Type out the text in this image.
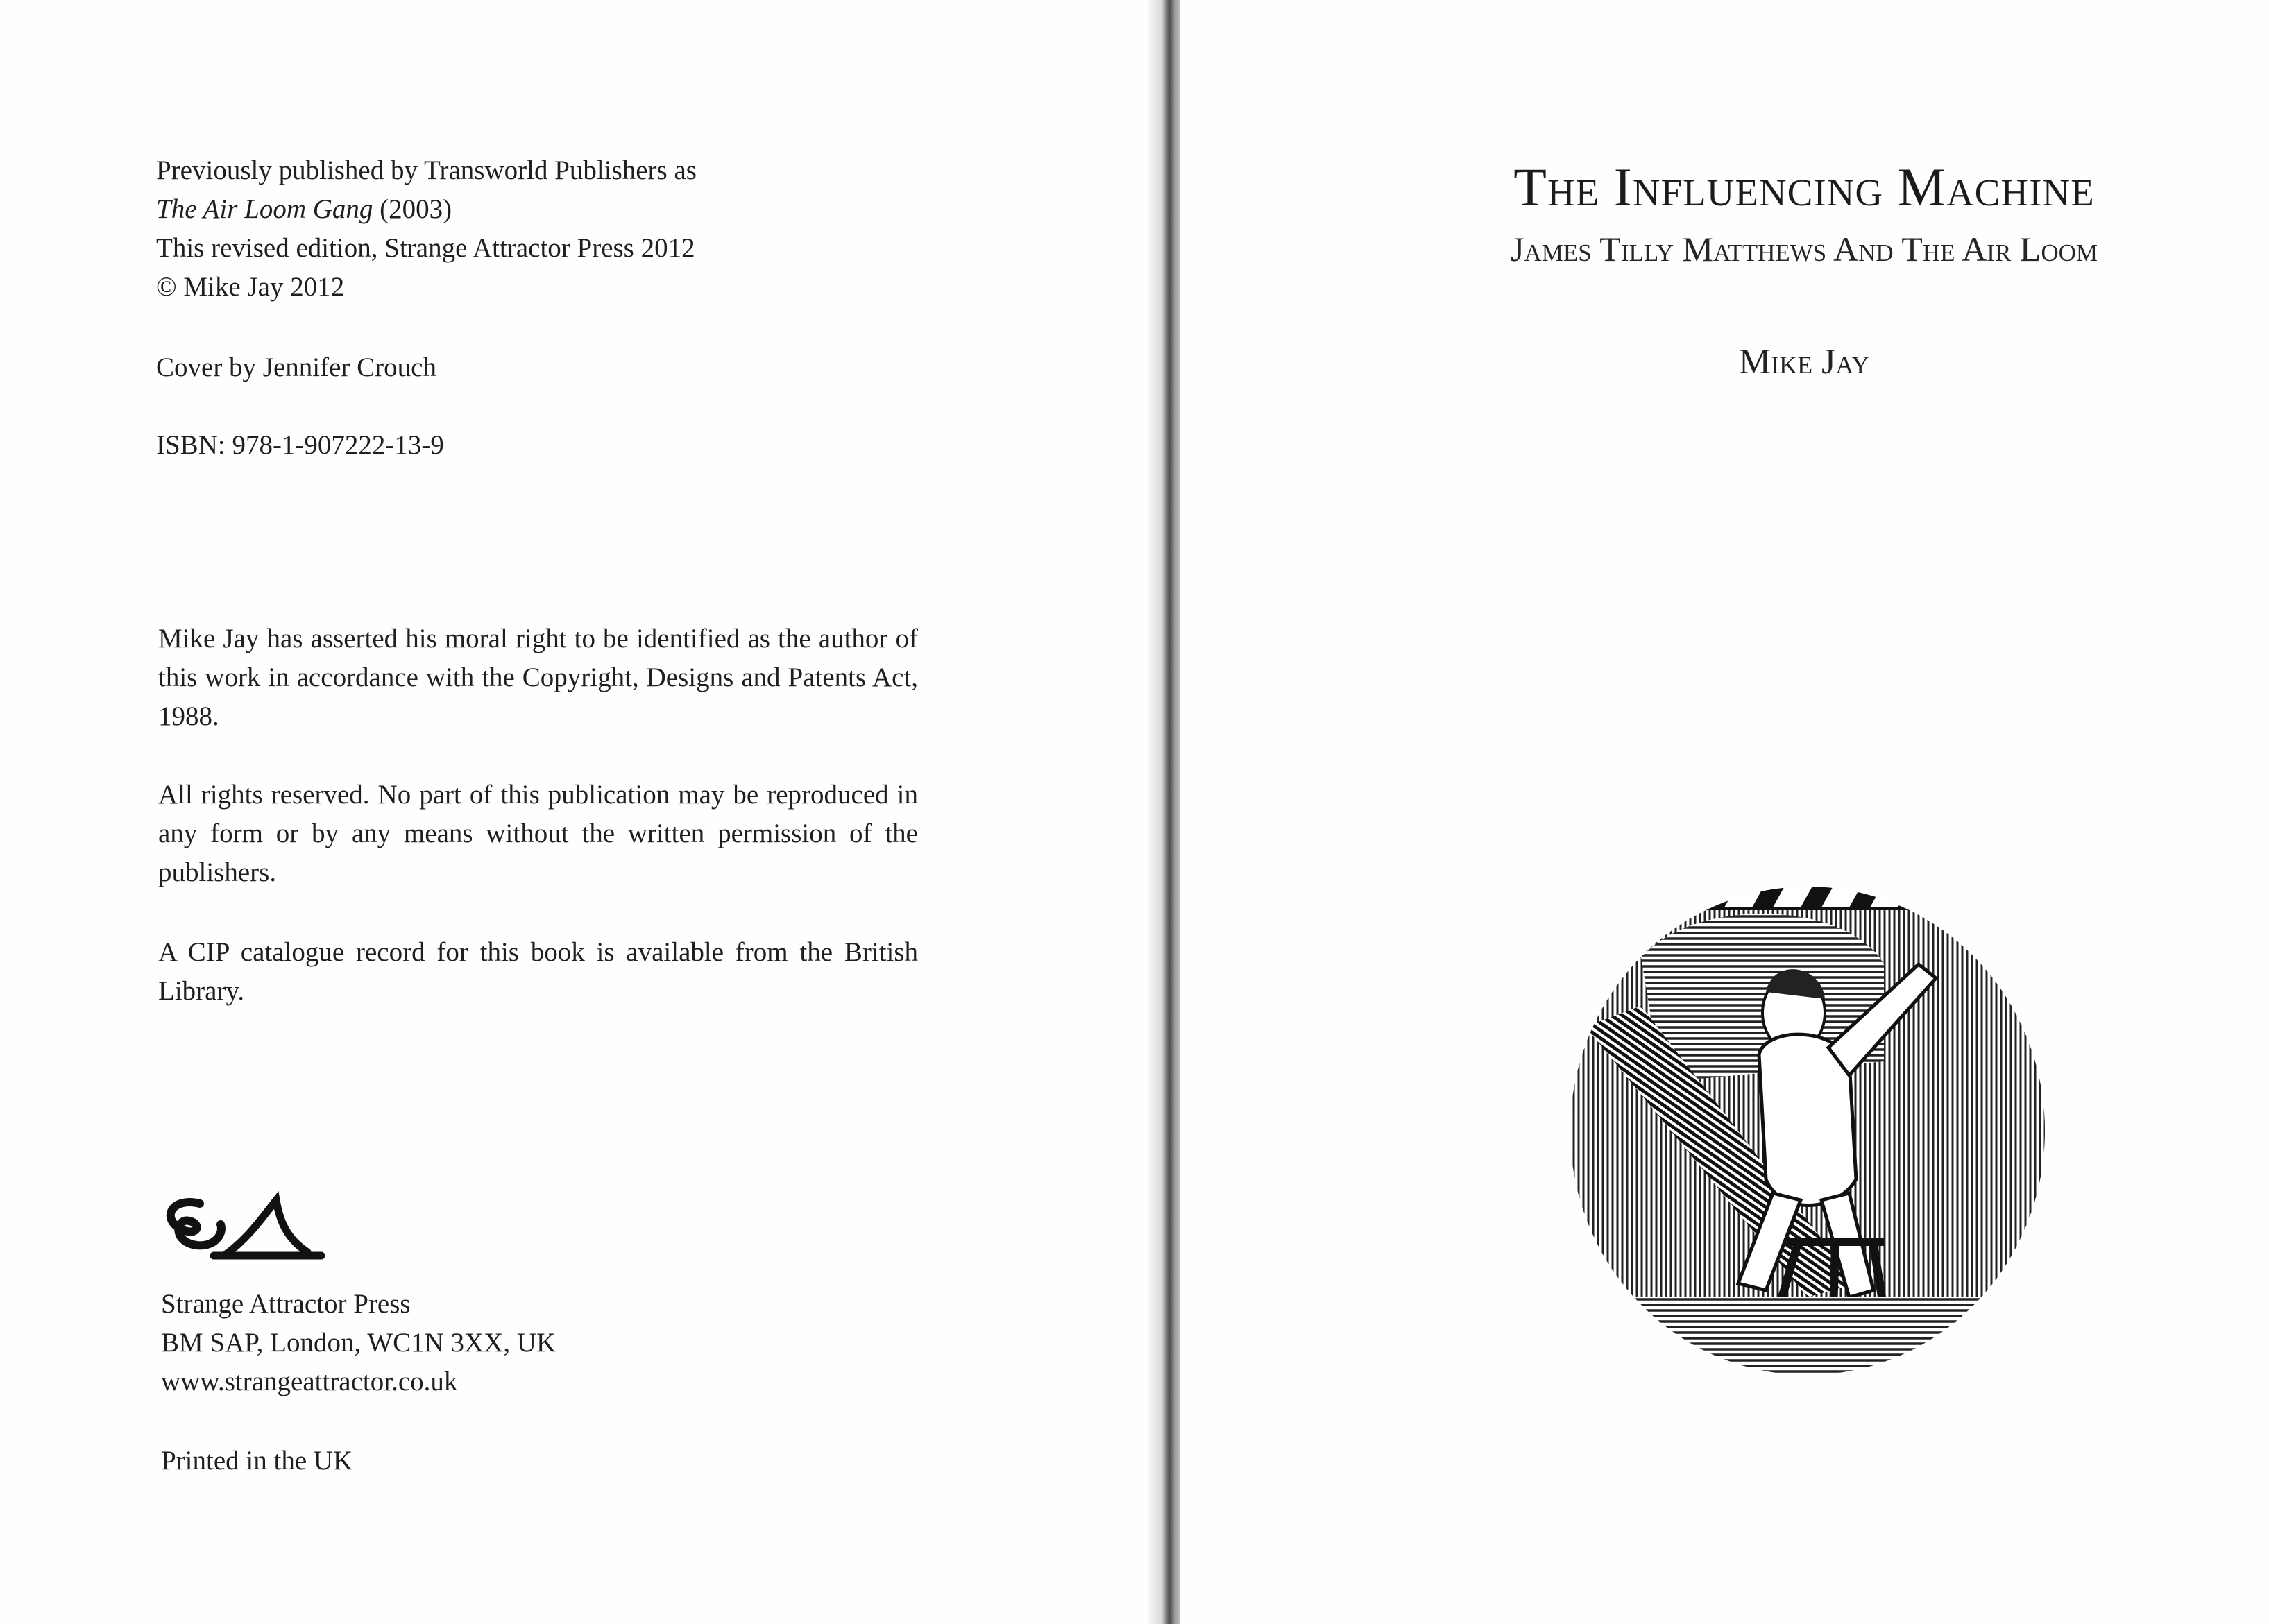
Previously published by Transworld Publishers as
The Air Loom Gang (2003)
This revised edition, Strange Attractor Press 2012
© Mike Jay 2012
Cover by Jennifer Crouch
ISBN: 978-1-907222-13-9
Mike Jay has asserted his moral right to be identified as the author of this work in accordance with the Copyright, Designs and Patents Act, 1988.
All rights reserved. No part of this publication may be reproduced in any form or by any means without the written permission of the publishers.
A CIP catalogue record for this book is available from the British Library.
SA
Strange Attractor Press
BM SAP, London, WC1N 3XX, UK
www.strangeattractor.co.uk
Printed in the UK
The Influencing Machine
James Tilly Matthews And The Air Loom
Mike Jay
